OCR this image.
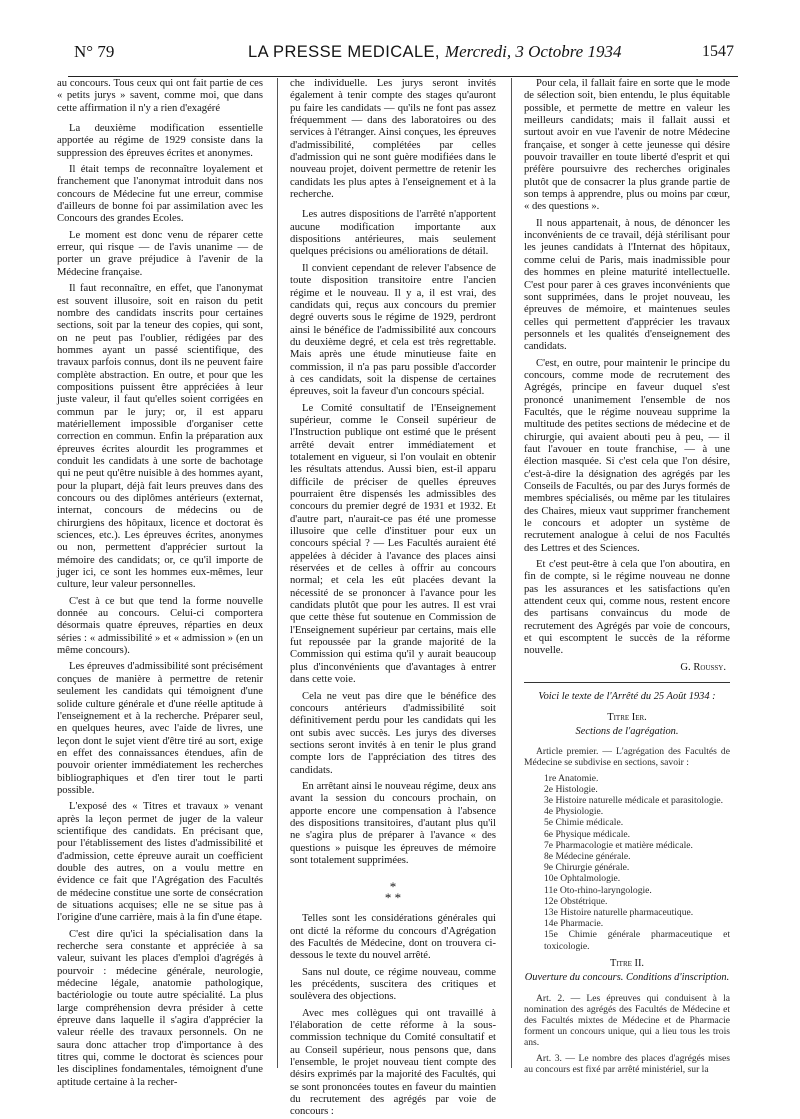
N° 79	LA PRESSE MEDICALE, Mercredi, 3 Octobre 1934	1547

au concours. Tous ceux qui ont fait partie de ces « petits jurys » savent, comme moi, que dans cette affirmation il n'y a rien d'exagéré

La deuxième modification essentielle apportée au régime de 1929 consiste dans la suppression des épreuves écrites et anonymes.

Il était temps de reconnaître loyalement et franchement que l'anonymat introduit dans nos concours de Médecine fut une erreur, commise d'ailleurs de bonne foi par assimilation avec les Concours des grandes Ecoles.

Le moment est donc venu de réparer cette erreur, qui risque — de l'avis unanime — de porter un grave préjudice à l'avenir de la Médecine française.

Il faut reconnaître, en effet, que l'anonymat est souvent illusoire, soit en raison du petit nombre des candidats inscrits pour certaines sections, soit par la teneur des copies, qui sont, on ne peut pas l'oublier, rédigées par des hommes ayant un passé scientifique, des travaux parfois connus, dont ils ne peuvent faire complète abstraction. En outre, et pour que les compositions puissent être appréciées à leur juste valeur, il faut qu'elles soient corrigées en commun par le jury; or, il est apparu matériellement impossible d'organiser cette correction en commun. Enfin la préparation aux épreuves écrites alourdit les programmes et conduit les candidats à une sorte de bachotage qui ne peut qu'être nuisible à des hommes ayant, pour la plupart, déjà fait leurs preuves dans des concours ou des diplômes antérieurs (externat, internat, concours de médecins ou de chirurgiens des hôpitaux, licence et doctorat ès sciences, etc.). Les épreuves écrites, anonymes ou non, permettent d'apprécier surtout la mémoire des candidats; or, ce qu'il importe de juger ici, ce sont les hommes eux-mêmes, leur culture, leur valeur personnelles.

C'est à ce but que tend la forme nouvelle donnée au concours. Celui-ci comportera désormais quatre épreuves, réparties en deux séries : « admissibilité » et « admission » (en un même concours).

Les épreuves d'admissibilité sont précisément conçues de manière à permettre de retenir seulement les candidats qui témoignent d'une solide culture générale et d'une réelle aptitude à l'enseignement et à la recherche. Préparer seul, en quelques heures, avec l'aide de livres, une leçon dont le sujet vient d'être tiré au sort, exige en effet des connaissances étendues, afin de pouvoir orienter immédiatement les recherches bibliographiques et d'en tirer tout le parti possible.

L'exposé des « Titres et travaux » venant après la leçon permet de juger de la valeur scientifique des candidats. En précisant que, pour l'établissement des listes d'admissibilité et d'admission, cette épreuve aurait un coefficient double des autres, on a voulu mettre en évidence ce fait que l'Agrégation des Facultés de médecine constitue une sorte de consécration de situations acquises; elle ne se situe pas à l'origine d'une carrière, mais à la fin d'une étape.

C'est dire qu'ici la spécialisation dans la recherche sera constante et appréciée à sa valeur, suivant les places d'emploi d'agrégés à pourvoir : médecine générale, neurologie, médecine légale, anatomie pathologique, bactériologie ou toute autre spécialité. La plus large compréhension devra présider à cette épreuve dans laquelle il s'agira d'apprécier la valeur réelle des travaux personnels. On ne saura donc attacher trop d'importance à des titres qui, comme le doctorat ès sciences pour les disciplines fondamentales, témoignent d'une aptitude certaine à la recher-

che individuelle. Les jurys seront invités également à tenir compte des stages qu'auront pu faire les candidats — qu'ils ne font pas assez fréquemment — dans des laboratoires ou des services à l'étranger. Ainsi conçues, les épreuves d'admissibilité, complétées par celles d'admission qui ne sont guère modifiées dans le nouveau projet, doivent permettre de retenir les candidats les plus aptes à l'enseignement et à la recherche.

Les autres dispositions de l'arrêté n'apportent aucune modification importante aux dispositions antérieures, mais seulement quelques précisions ou améliorations de détail.

Il convient cependant de relever l'absence de toute disposition transitoire entre l'ancien régime et le nouveau. Il y a, il est vrai, des candidats qui, reçus aux concours du premier degré ouverts sous le régime de 1929, perdront ainsi le bénéfice de l'admissibilité aux concours du deuxième degré, et cela est très regrettable. Mais après une étude minutieuse faite en commission, il n'a pas paru possible d'accorder à ces candidats, soit la dispense de certaines épreuves, soit la faveur d'un concours spécial.

Le Comité consultatif de l'Enseignement supérieur, comme le Conseil supérieur de l'Instruction publique ont estimé que le présent arrêté devait entrer immédiatement et totalement en vigueur, si l'on voulait en obtenir les résultats attendus. Aussi bien, est-il apparu difficile de préciser de quelles épreuves pourraient être dispensés les admissibles des concours du premier degré de 1931 et 1932. Et d'autre part, n'aurait-ce pas été une promesse illusoire que celle d'instituer pour eux un concours spécial ? — Les Facultés auraient été appelées à décider à l'avance des places ainsi réservées et de celles à offrir au concours normal; et cela les eût placées devant la nécessité de se prononcer à l'avance pour les candidats plutôt que pour les autres. Il est vrai que cette thèse fut soutenue en Commission de l'Enseignement supérieur par certains, mais elle fut repoussée par la grande majorité de la Commission qui estima qu'il y aurait beaucoup plus d'inconvénients que d'avantages à entrer dans cette voie.

Cela ne veut pas dire que le bénéfice des concours antérieurs d'admissibilité soit définitivement perdu pour les candidats qui les ont subis avec succès. Les jurys des diverses sections seront invités à en tenir le plus grand compte lors de l'appréciation des titres des candidats.

En arrêtant ainsi le nouveau régime, deux ans avant la session du concours prochain, on apporte encore une compensation à l'absence des dispositions transitoires, d'autant plus qu'il ne s'agira plus de préparer à l'avance « des questions » puisque les épreuves de mémoire sont totalement supprimées.

*
* *

Telles sont les considérations générales qui ont dicté la réforme du concours d'Agrégation des Facultés de Médecine, dont on trouvera ci-dessous le texte du nouvel arrêté.

Sans nul doute, ce régime nouveau, comme les précédents, suscitera des critiques et soulèvera des objections.

Avec mes collègues qui ont travaillé à l'élaboration de cette réforme à la sous-commission technique du Comité consultatif et au Conseil supérieur, nous pensons que, dans l'ensemble, le projet nouveau tient compte des désirs exprimés par la majorité des Facultés, qui se sont prononcées toutes en faveur du maintien du recrutement des agrégés par voie de concours :

Pour cela, il fallait faire en sorte que le mode de sélection soit, bien entendu, le plus équitable possible, et permette de mettre en valeur les meilleurs candidats; mais il fallait aussi et surtout avoir en vue l'avenir de notre Médecine française, et songer à cette jeunesse qui désire pouvoir travailler en toute liberté d'esprit et qui préfère poursuivre des recherches originales plutôt que de consacrer la plus grande partie de son temps à apprendre, plus ou moins par cœur, « des questions ».

Il nous appartenait, à nous, de dénoncer les inconvénients de ce travail, déjà stérilisant pour les jeunes candidats à l'Internat des hôpitaux, comme celui de Paris, mais inadmissible pour des hommes en pleine maturité intellectuelle. C'est pour parer à ces graves inconvénients que sont supprimées, dans le projet nouveau, les épreuves de mémoire, et maintenues seules celles qui permettent d'apprécier les travaux personnels et les qualités d'enseignement des candidats.

C'est, en outre, pour maintenir le principe du concours, comme mode de recrutement des Agrégés, principe en faveur duquel s'est prononcé unanimement l'ensemble de nos Facultés, que le régime nouveau supprime la multitude des petites sections de médecine et de chirurgie, qui avaient abouti peu à peu, — il faut l'avouer en toute franchise, — à une élection masquée. Si c'est cela que l'on désire, c'est-à-dire la désignation des agrégés par les Conseils de Facultés, ou par des Jurys formés de membres spécialisés, ou même par les titulaires des Chaires, mieux vaut supprimer franchement le concours et adopter un système de recrutement analogue à celui de nos Facultés des Lettres et des Sciences.

Et c'est peut-être à cela que l'on aboutira, en fin de compte, si le régime nouveau ne donne pas les assurances et les satisfactions qu'en attendent ceux qui, comme nous, restent encore des partisans convaincus du mode de recrutement des Agrégés par voie de concours, et qui escomptent le succès de la réforme nouvelle.

G. Roussy.

Voici le texte de l'Arrêté du 25 Août 1934 :
Titre Ier.
Sections de l'agrégation.

Article premier. — L'agrégation des Facultés de Médecine se subdivise en sections, savoir :

1re Anatomie.
2e Histologie.
3e Histoire naturelle médicale et parasitologie.
4e Physiologie.
5e Chimie médicale.
6e Physique médicale.
7e Pharmacologie et matière médicale.
8e Médecine générale.
9e Chirurgie générale.
10e Ophtalmologie.
11e Oto-rhino-laryngologie.
12e Obstétrique.
13e Histoire naturelle pharmaceutique.
14e Pharmacie.
15e Chimie générale pharmaceutique et toxicologie.
Titre II.
Ouverture du concours. Conditions d'inscription.

Art. 2. — Les épreuves qui conduisent à la nomination des agrégés des Facultés de Médecine et des Facultés mixtes de Médecine et de Pharmacie forment un concours unique, qui a lieu tous les trois ans.

Art. 3. — Le nombre des places d'agrégés mises au concours est fixé par arrêté ministériel, sur la
